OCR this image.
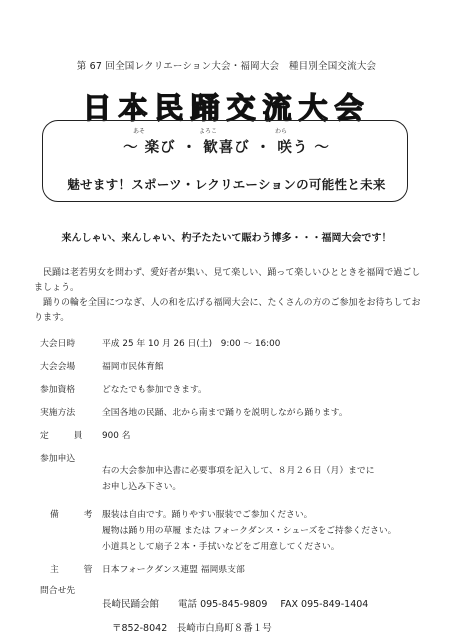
第 67 回全国レクリエーション大会・福岡大会　種目別全国交流大会
日本民踊交流大会
あそ	よろこ	わら
〜 楽び ・ 歓喜び ・ 咲う 〜
魅せます！スポーツ・レクリエーションの可能性と未来
来んしゃい、来んしゃい、杓子たたいて賑わう博多・・・福岡大会です！
　民踊は老若男女を問わず、愛好者が集い、見て楽しい、踊って楽しいひとときを福岡で過ごしましょう。
　踊りの輪を全国につなぎ、人の和を広げる福岡大会に、たくさんの方のご参加をお待ちしております。
大会日時	平成 25 年 10 月 26 日(土)　9:00 〜 16:00
大会会場	福岡市民体育館
参加資格	どなたでも参加できます。
実施方法	全国各地の民踊、北から南まで踊りを説明しながら踊ります。
定　員	900 名
参加申込
右の大会参加申込書に必要事項を記入して、８月２６日（月）までに
お申し込み下さい。
備　考 服装は自由です。踊りやすい服装でご参加ください。
履物は踊り用の草履 または フォークダンス・シューズをご持参ください。
小道具として扇子２本・手拭いなどをご用意してください。
主　管 日本フォークダンス連盟 福岡県支部
問合せ先
長崎民踊会館 電話 095-845-9809 FAX 095-849-1404
〒852-8042　長崎市白鳥町８番１号
